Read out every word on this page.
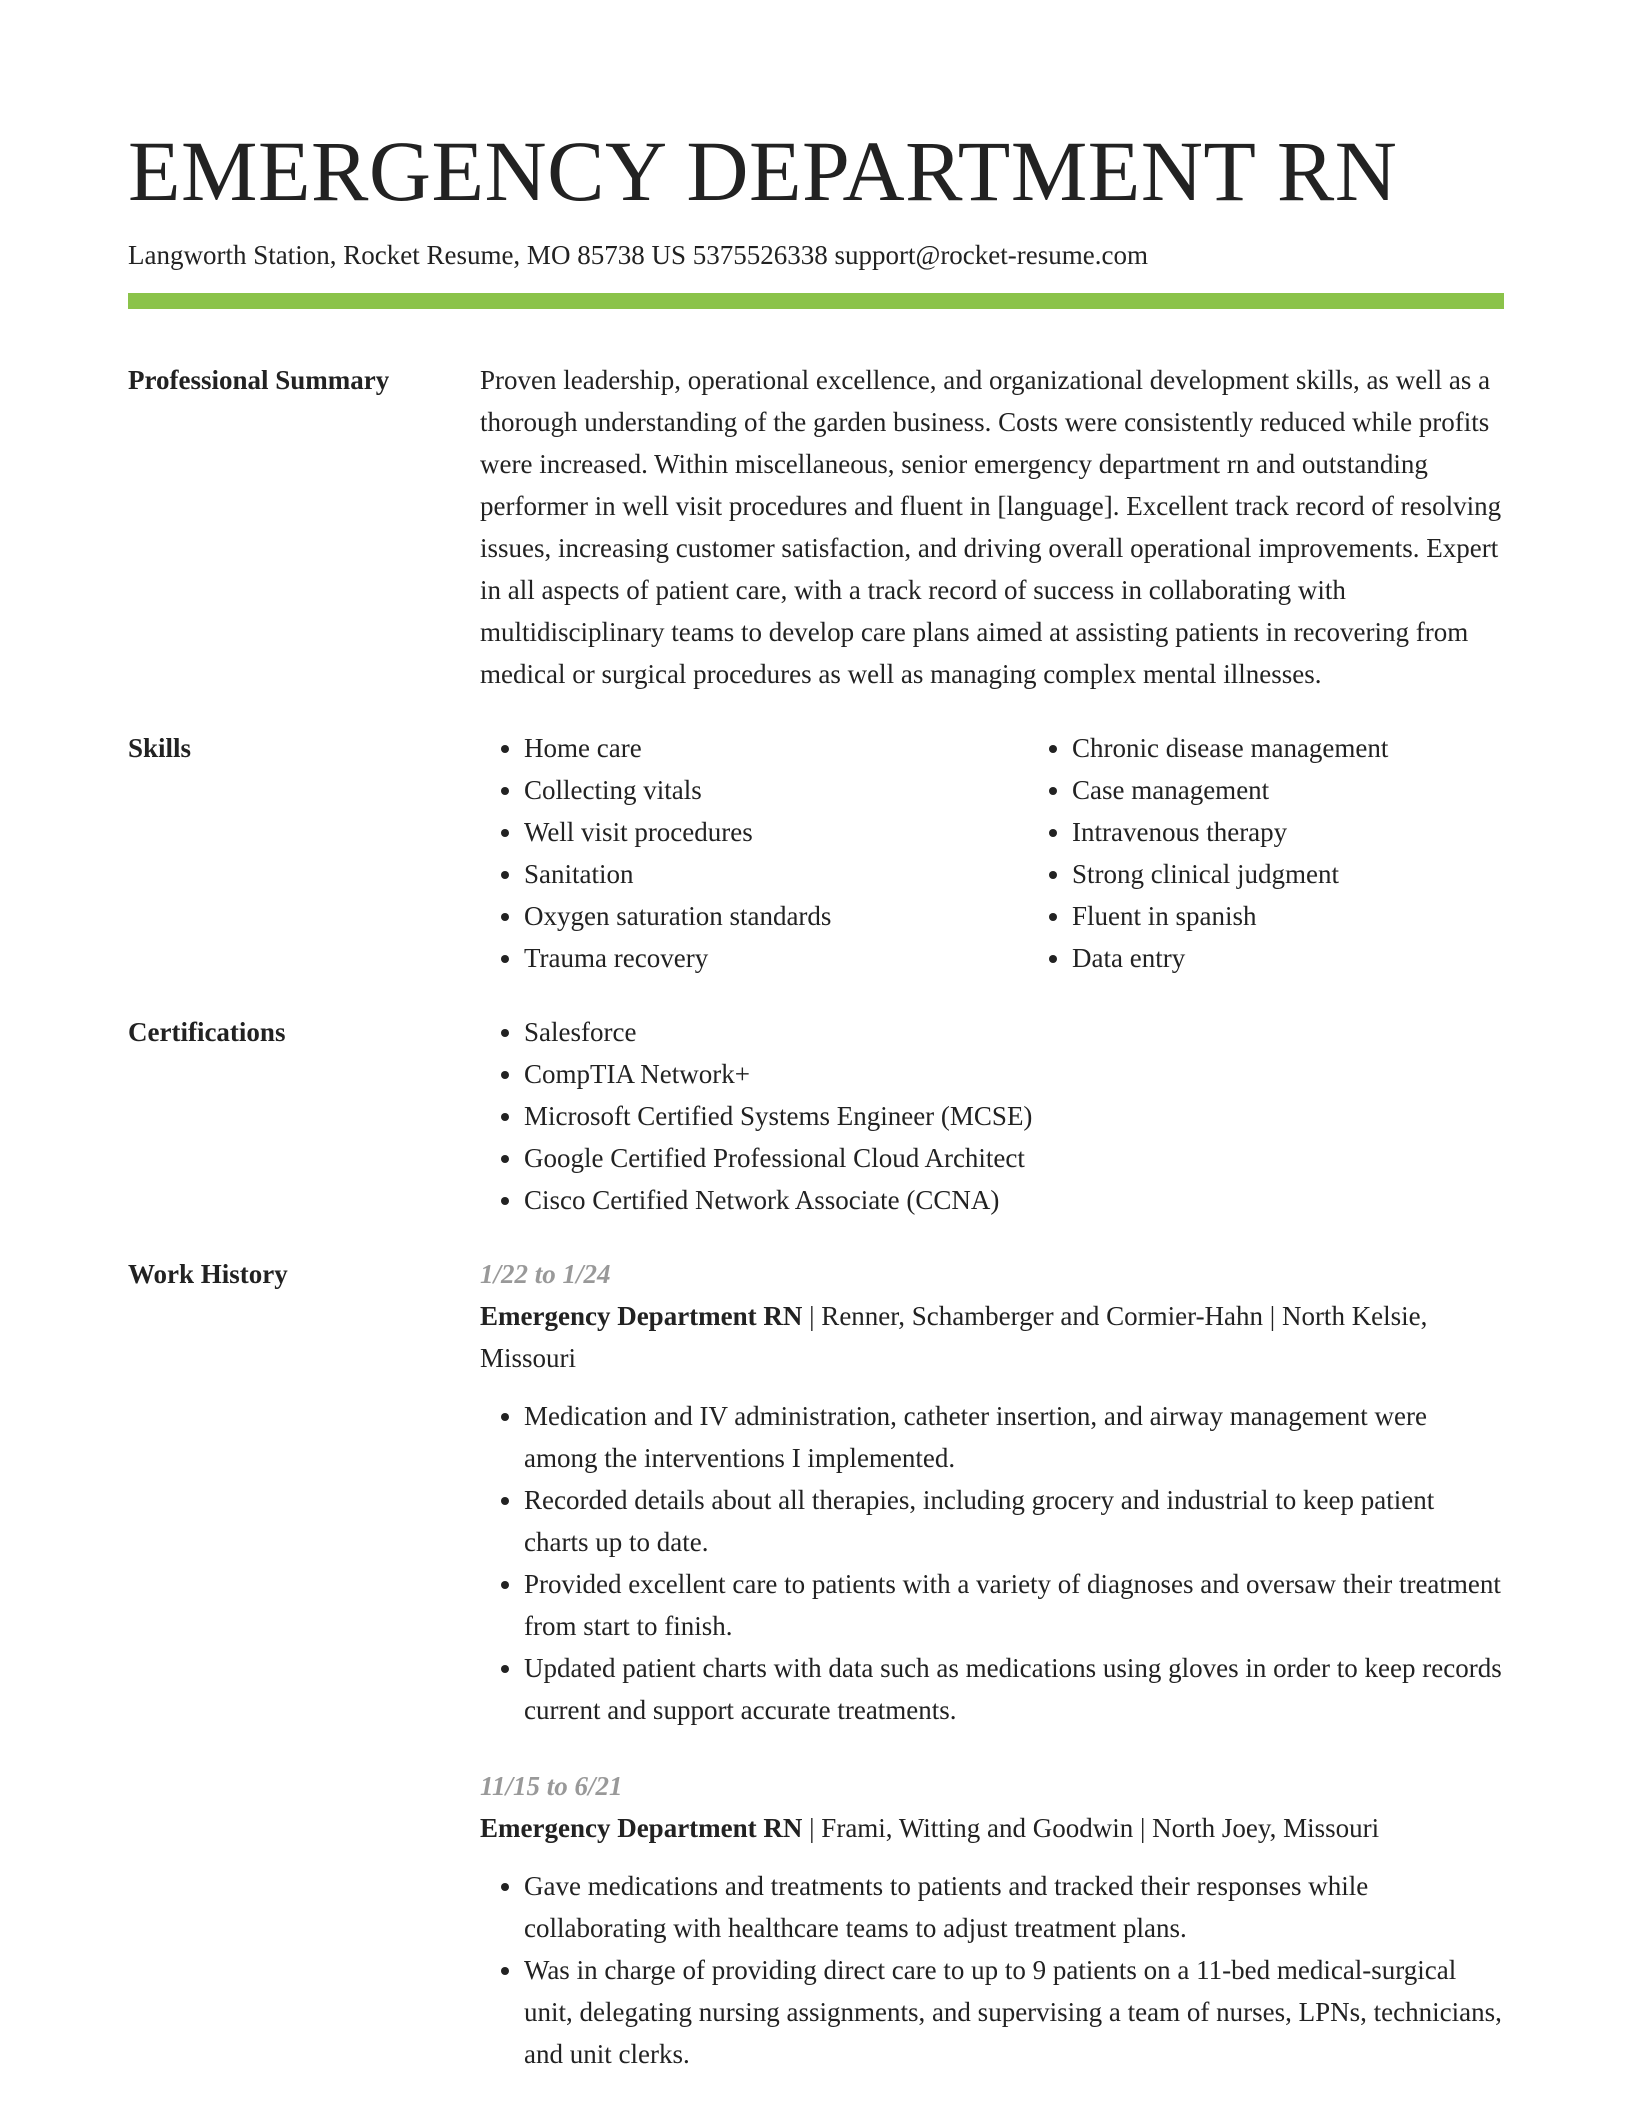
EMERGENCY DEPARTMENT RN
Langworth Station, Rocket Resume, MO 85738 US 5375526338 support@rocket-resume.com
Professional Summary	Proven leadership, operational excellence, and organizational development skills, as well as a thorough understanding of the garden business. Costs were consistently reduced while profits were increased. Within miscellaneous, senior emergency department rn and outstanding performer in well visit procedures and fluent in [language]. Excellent track record of resolving issues, increasing customer satisfaction, and driving overall operational improvements. Expert in all aspects of patient care, with a track record of success in collaborating with multidisciplinary teams to develop care plans aimed at assisting patients in recovering from medical or surgical procedures as well as managing complex mental illnesses.
Skills	• Home care
• Collecting vitals
• Well visit procedures
• Sanitation
• Oxygen saturation standards
• Trauma recovery
• Chronic disease management
• Case management
• Intravenous therapy
• Strong clinical judgment
• Fluent in spanish
• Data entry
Certifications	• Salesforce
• CompTIA Network+
• Microsoft Certified Systems Engineer (MCSE)
• Google Certified Professional Cloud Architect
• Cisco Certified Network Associate (CCNA)
Work History	1/22 to 1/24
Emergency Department RN | Renner, Schamberger and Cormier-Hahn | North Kelsie, Missouri
• Medication and IV administration, catheter insertion, and airway management were among the interventions I implemented.
• Recorded details about all therapies, including grocery and industrial to keep patient charts up to date.
• Provided excellent care to patients with a variety of diagnoses and oversaw their treatment from start to finish.
• Updated patient charts with data such as medications using gloves in order to keep records current and support accurate treatments.
11/15 to 6/21
Emergency Department RN | Frami, Witting and Goodwin | North Joey, Missouri
• Gave medications and treatments to patients and tracked their responses while collaborating with healthcare teams to adjust treatment plans.
• Was in charge of providing direct care to up to 9 patients on a 11-bed medical-surgical unit, delegating nursing assignments, and supervising a team of nurses, LPNs, technicians, and unit clerks.
